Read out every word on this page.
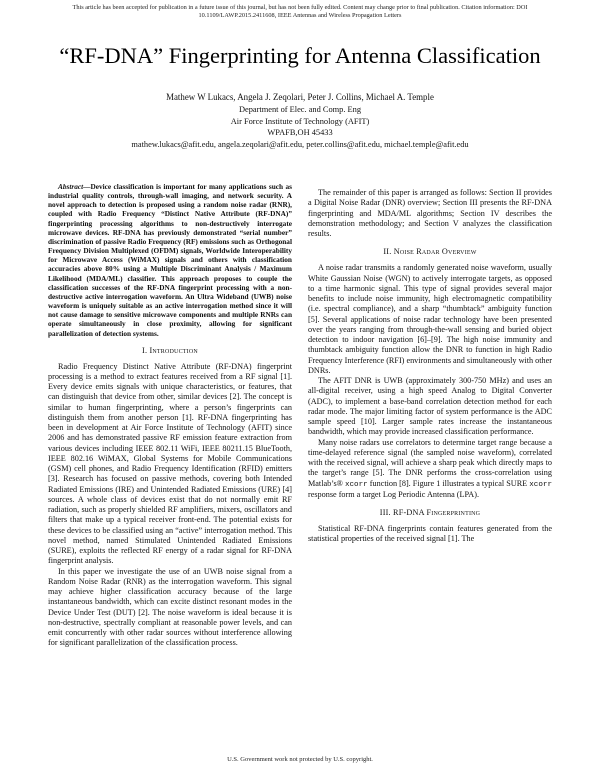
This article has been accepted for publication in a future issue of this journal, but has not been fully edited. Content may change prior to final publication. Citation information: DOI
10.1109/LAWP.2015.2411608, IEEE Antennas and Wireless Propagation Letters
“RF-DNA” Fingerprinting for Antenna Classification
Mathew W Lukacs, Angela J. Zeqolari, Peter J. Collins, Michael A. Temple
Department of Elec. and Comp. Eng
Air Force Institute of Technology (AFIT)
WPAFB,OH 45433
mathew.lukacs@afit.edu, angela.zeqolari@afit.edu, peter.collins@afit.edu, michael.temple@afit.edu

Abstract—Device classification is important for many applications such as industrial quality controls, through-wall imaging, and network security. A novel approach to detection is proposed using a random noise radar (RNR), coupled with Radio Frequency “Distinct Native Attribute (RF-DNA)” fingerprinting processing algorithms to non-destructively interrogate microwave devices. RF-DNA has previously demonstrated “serial number” discrimination of passive Radio Frequency (RF) emissions such as Orthogonal Frequency Division Multiplexed (OFDM) signals, Worldwide Interoperability for Microwave Access (WiMAX) signals and others with classification accuracies above 80% using a Multiple Discriminant Analysis / Maximum Likelihood (MDA/ML) classifier. This approach proposes to couple the classification successes of the RF-DNA fingerprint processing with a non-destructive active interrogation waveform. An Ultra Wideband (UWB) noise waveform is uniquely suitable as an active interrogation method since it will not cause damage to sensitive microwave components and multiple RNRs can operate simultaneously in close proximity, allowing for significant parallelization of detection systems.

I. Introduction

Radio Frequency Distinct Native Attribute (RF-DNA) fingerprint processing is a method to extract features received from a RF signal [1]. Every device emits signals with unique characteristics, or features, that can distinguish that device from other, similar devices [2]. The concept is similar to human fingerprinting, where a person’s fingerprints can distinguish them from another person [1]. RF-DNA fingerprinting has been in development at Air Force Institute of Technology (AFIT) since 2006 and has demonstrated passive RF emission feature extraction from various devices including IEEE 802.11 WiFi, IEEE 80211.15 BlueTooth, IEEE 802.16 WiMAX, Global Systems for Mobile Communications (GSM) cell phones, and Radio Frequency Identification (RFID) emitters [3]. Research has focused on passive methods, covering both Intended Radiated Emissions (IRE) and Unintended Radiated Emissions (URE) [4] sources. A whole class of devices exist that do not normally emit RF radiation, such as properly shielded RF amplifiers, mixers, oscillators and filters that make up a typical receiver front-end. The potential exists for these devices to be classified using an “active” interrogation method. This novel method, named Stimulated Unintended Radiated Emissions (SURE), exploits the reflected RF energy of a radar signal for RF-DNA fingerprint analysis.

In this paper we investigate the use of an UWB noise signal from a Random Noise Radar (RNR) as the interrogation waveform. This signal may achieve higher classification accuracy because of the large instantaneous bandwidth, which can excite distinct resonant modes in the Device Under Test (DUT) [2]. The noise waveform is ideal because it is non-destructive, spectrally compliant at reasonable power levels, and can emit concurrently with other radar sources without interference allowing for significant parallelization of the classification process.

The remainder of this paper is arranged as follows: Section II provides a Digital Noise Radar (DNR) overview; Section III presents the RF-DNA fingerprinting and MDA/ML algorithms; Section IV describes the demonstration methodology; and Section V analyzes the classification results.

II. Noise Radar Overview

A noise radar transmits a randomly generated noise waveform, usually White Gaussian Noise (WGN) to actively interrogate targets, as opposed to a time harmonic signal. This type of signal provides several major benefits to include noise immunity, high electromagnetic compatibility (i.e. spectral compliance), and a sharp “thumbtack” ambiguity function [5]. Several applications of noise radar technology have been presented over the years ranging from through-the-wall sensing and buried object detection to indoor navigation [6]–[9]. The high noise immunity and thumbtack ambiguity function allow the DNR to function in high Radio Frequency Interference (RFI) environments and simultaneously with other DNRs.

The AFIT DNR is UWB (approximately 300-750 MHz) and uses an all-digital receiver, using a high speed Analog to Digital Converter (ADC), to implement a base-band correlation detection method for each radar mode. The major limiting factor of system performance is the ADC sample speed [10]. Larger sample rates increase the instantaneous bandwidth, which may provide increased classification performance.

Many noise radars use correlators to determine target range because a time-delayed reference signal (the sampled noise waveform), correlated with the received signal, will achieve a sharp peak which directly maps to the target’s range [5]. The DNR performs the cross-correlation using Matlab’s® xcorr function [8]. Figure 1 illustrates a typical SURE xcorr response form a target Log Periodic Antenna (LPA).

III. RF-DNA Fingerprinting

Statistical RF-DNA fingerprints contain features generated from the statistical properties of the received signal [1]. The

U.S. Government work not protected by U.S. copyright.
